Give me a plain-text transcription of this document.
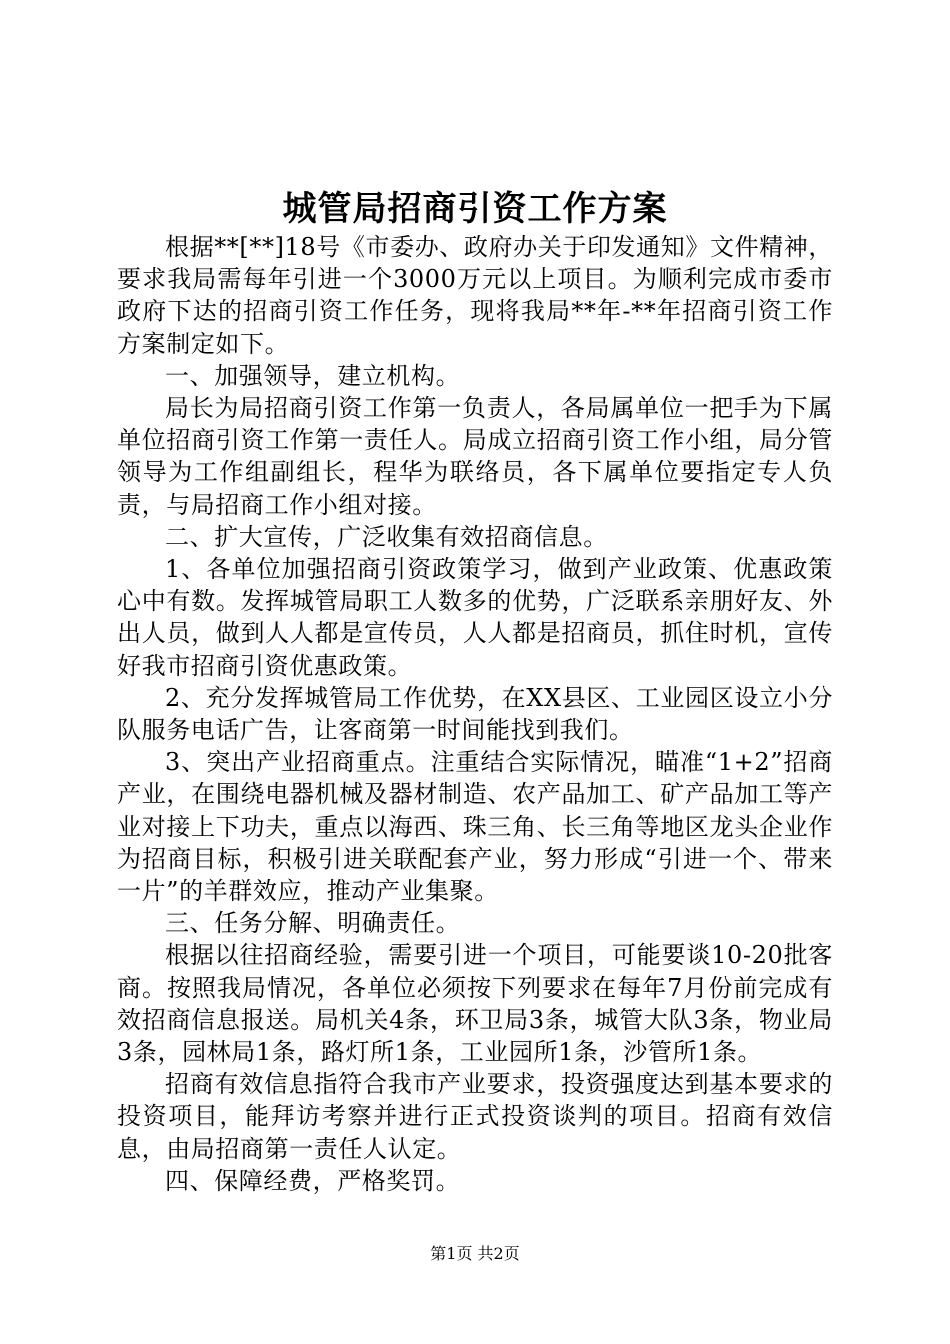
城管局招商引资工作方案

根据**[**]18号《市委办、政府办关于印发通知》文件精神，要求我局需每年引进一个3000万元以上项目。为顺利完成市委市政府下达的招商引资工作任务，现将我局**年-**年招商引资工作方案制定如下。

一、加强领导，建立机构。

局长为局招商引资工作第一负责人，各局属单位一把手为下属单位招商引资工作第一责任人。局成立招商引资工作小组，局分管领导为工作组副组长，程华为联络员，各下属单位要指定专人负责，与局招商工作小组对接。

二、扩大宣传，广泛收集有效招商信息。

1、各单位加强招商引资政策学习，做到产业政策、优惠政策心中有数。发挥城管局职工人数多的优势，广泛联系亲朋好友、外出人员，做到人人都是宣传员，人人都是招商员，抓住时机，宣传好我市招商引资优惠政策。

2、充分发挥城管局工作优势，在XX县区、工业园区设立小分队服务电话广告，让客商第一时间能找到我们。

3、突出产业招商重点。注重结合实际情况，瞄准“1+2”招商产业，在围绕电器机械及器材制造、农产品加工、矿产品加工等产业对接上下功夫，重点以海西、珠三角、长三角等地区龙头企业作为招商目标，积极引进关联配套产业，努力形成“引进一个、带来一片”的羊群效应，推动产业集聚。

三、任务分解、明确责任。

根据以往招商经验，需要引进一个项目，可能要谈10-20批客商。按照我局情况，各单位必须按下列要求在每年7月份前完成有效招商信息报送。局机关4条，环卫局3条，城管大队3条，物业局3条，园林局1条，路灯所1条，工业园所1条，沙管所1条。

招商有效信息指符合我市产业要求，投资强度达到基本要求的投资项目，能拜访考察并进行正式投资谈判的项目。招商有效信息，由局招商第一责任人认定。

四、保障经费，严格奖罚。

第1页 共2页
